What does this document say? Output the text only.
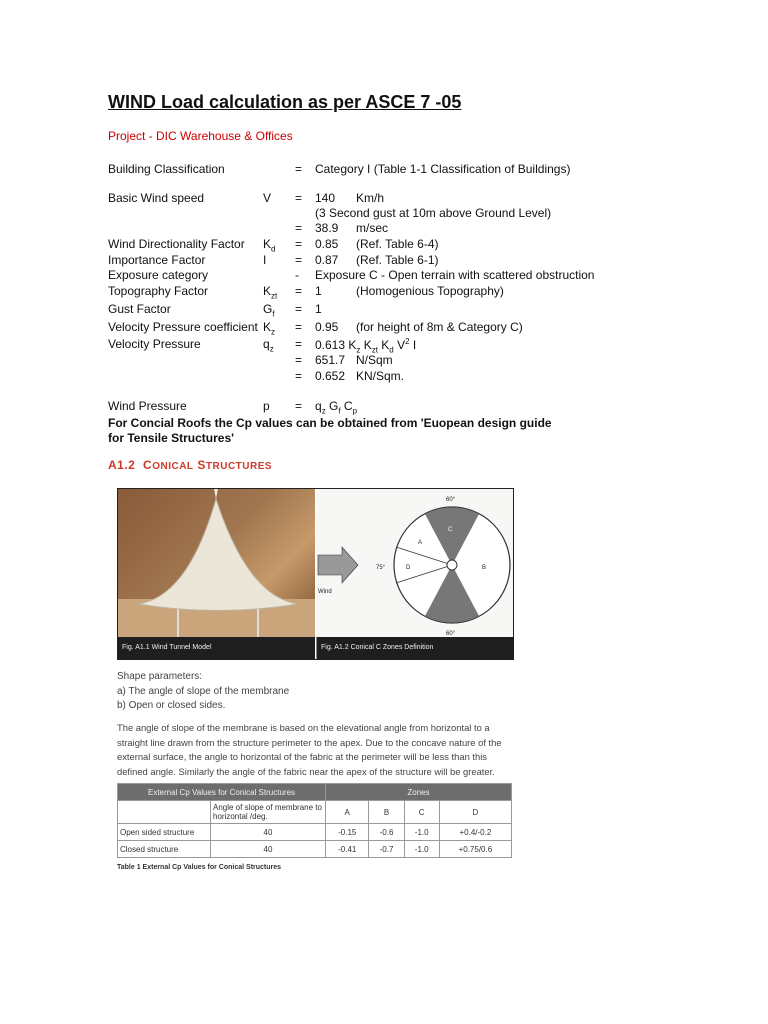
WIND Load calculation as per ASCE 7 -05
Project - DIC Warehouse & Offices
Building Classification	= Category I (Table 1-1 Classification of Buildings)
Basic Wind speed	V = 140 Km/h
(3 Second gust at 10m above Ground Level)
= 38.9 m/sec
Wind Directionality Factor $K_d = 0.85$ (Ref. Table 6-4)
Importance Factor	I = 0.87 (Ref. Table 6-1)
Exposure category	- Exposure C - Open terrain with scattered obstruction
Topography Factor	$K_{zt} = 1$	(Homogenious Topography)
Gust Factor	$G_f = 1$
Velocity Pressure coefficient $K_z = 0.95$ (for height of 8m & Category C)
Velocity Pressure	$q_z = 0.613$ $K_z$ $K_{zt}$ $K_d$ $V^2$ I
= 651.7 N/Sqm
= 0.652 KN/Sqm.
Wind Pressure	$p = q_z$ $G_f$ $C_p$
For Concial Roofs the Cp values can be obtained from 'Euopean design guide for Tensile Structures'
A1.2 CONICAL STRUCTURES
Wind
60°
60°
75°
A
D	B
C
Fig. A1.1 Wind Tunnel Model	Fig. A1.2 Conical C Zones Definition
Shape parameters:
a) The angle of slope of the membrane
b) Open or closed sides.
The angle of slope of the membrane is based on the elevational angle from horizontal to a
straight line drawn from the structure perimeter to the apex. Due to the concave nature of the
external surface, the angle to horizontal of the fabric at the perimeter will be less than this
defined angle. Similarly the angle of the fabric near the apex of the structure will be greater.
External Cp Values for Conical Structures		Zones			
	Angle of slope of membrane to horizontal /deg.	A	B	C	D
Open sided structure	40	-0.15	-0.6	-1.0	+0.4/-0.2
Closed structure	40	-0.41	-0.7	-1.0	+0.75/0.6
Table 1 External Cp Values for Conical Structures
